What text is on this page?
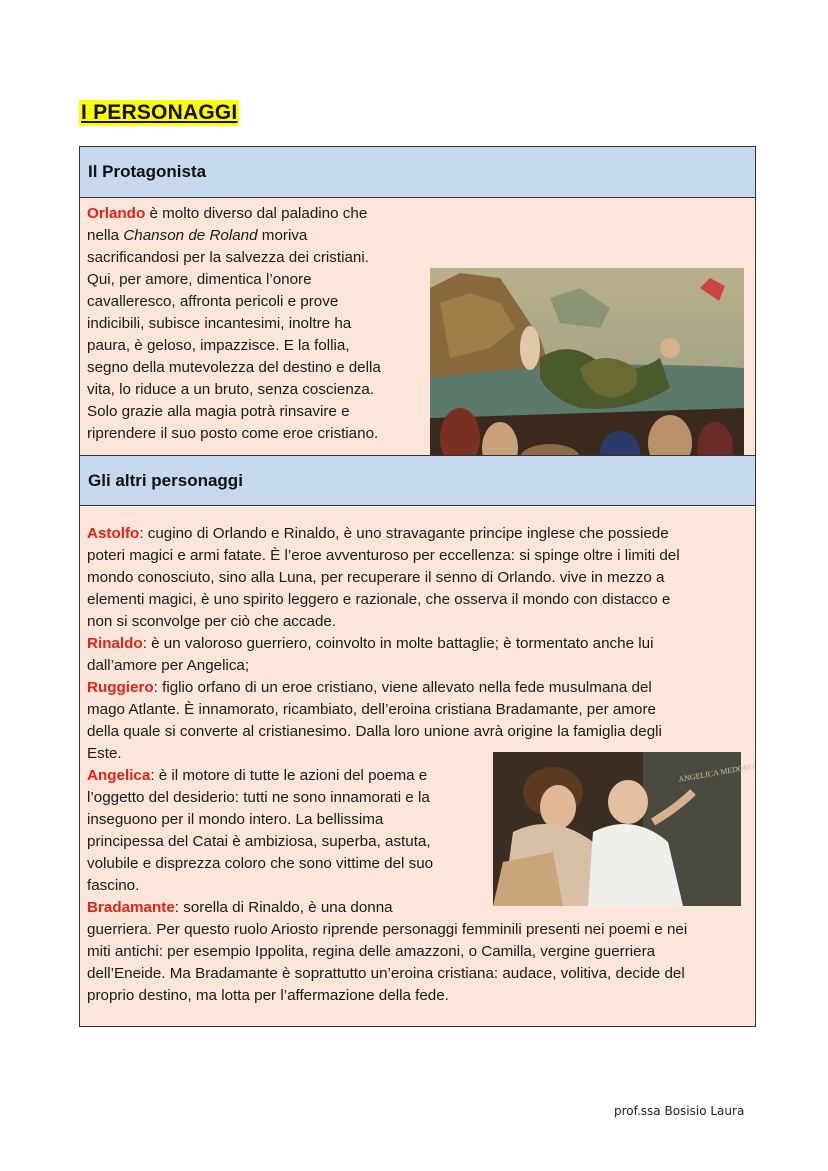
I PERSONAGGI
Il Protagonista
Orlando è molto diverso dal paladino che
nella Chanson de Roland moriva
sacrificandosi per la salvezza dei cristiani.
Qui, per amore, dimentica l’onore
cavalleresco, affronta pericoli e prove
indicibili, subisce incantesimi, inoltre ha
paura, è geloso, impazzisce. E la follia,
segno della mutevolezza del destino e della
vita, lo riduce a un bruto, senza coscienza.
Solo grazie alla magia potrà rinsavire e
riprendere il suo posto come eroe cristiano.
Gli altri personaggi
Astolfo: cugino di Orlando e Rinaldo, è uno stravagante principe inglese che possiede
poteri magici e armi fatate. È l’eroe avventuroso per eccellenza: si spinge oltre i limiti del
mondo conosciuto, sino alla Luna, per recuperare il senno di Orlando. vive in mezzo a
elementi magici, è uno spirito leggero e razionale, che osserva il mondo con distacco e
non si sconvolge per ciò che accade.
Rinaldo: è un valoroso guerriero, coinvolto in molte battaglie; è tormentato anche lui
dall’amore per Angelica;
Ruggiero: figlio orfano di un eroe cristiano, viene allevato nella fede musulmana del
mago Atlante. È innamorato, ricambiato, dell’eroina cristiana Bradamante, per amore
della quale si converte al cristianesimo. Dalla loro unione avrà origine la famiglia degli
Este.
Angelica: è il motore di tutte le azioni del poema e
l’oggetto del desiderio: tutti ne sono innamorati e la
inseguono per il mondo intero. La bellissima
principessa del Catai è ambiziosa, superba, astuta,
volubile e disprezza coloro che sono vittime del suo
fascino.
Bradamante: sorella di Rinaldo, è una donna
guerriera. Per questo ruolo Ariosto riprende personaggi femminili presenti nei poemi e nei
miti antichi: per esempio Ippolita, regina delle amazzoni, o Camilla, vergine guerriera
dell’Eneide. Ma Bradamante è soprattutto un’eroina cristiana: audace, volitiva, decide del
proprio destino, ma lotta per l’affermazione della fede.
ANGELICA MEDORO
prof.ssa Bosisio Laura
